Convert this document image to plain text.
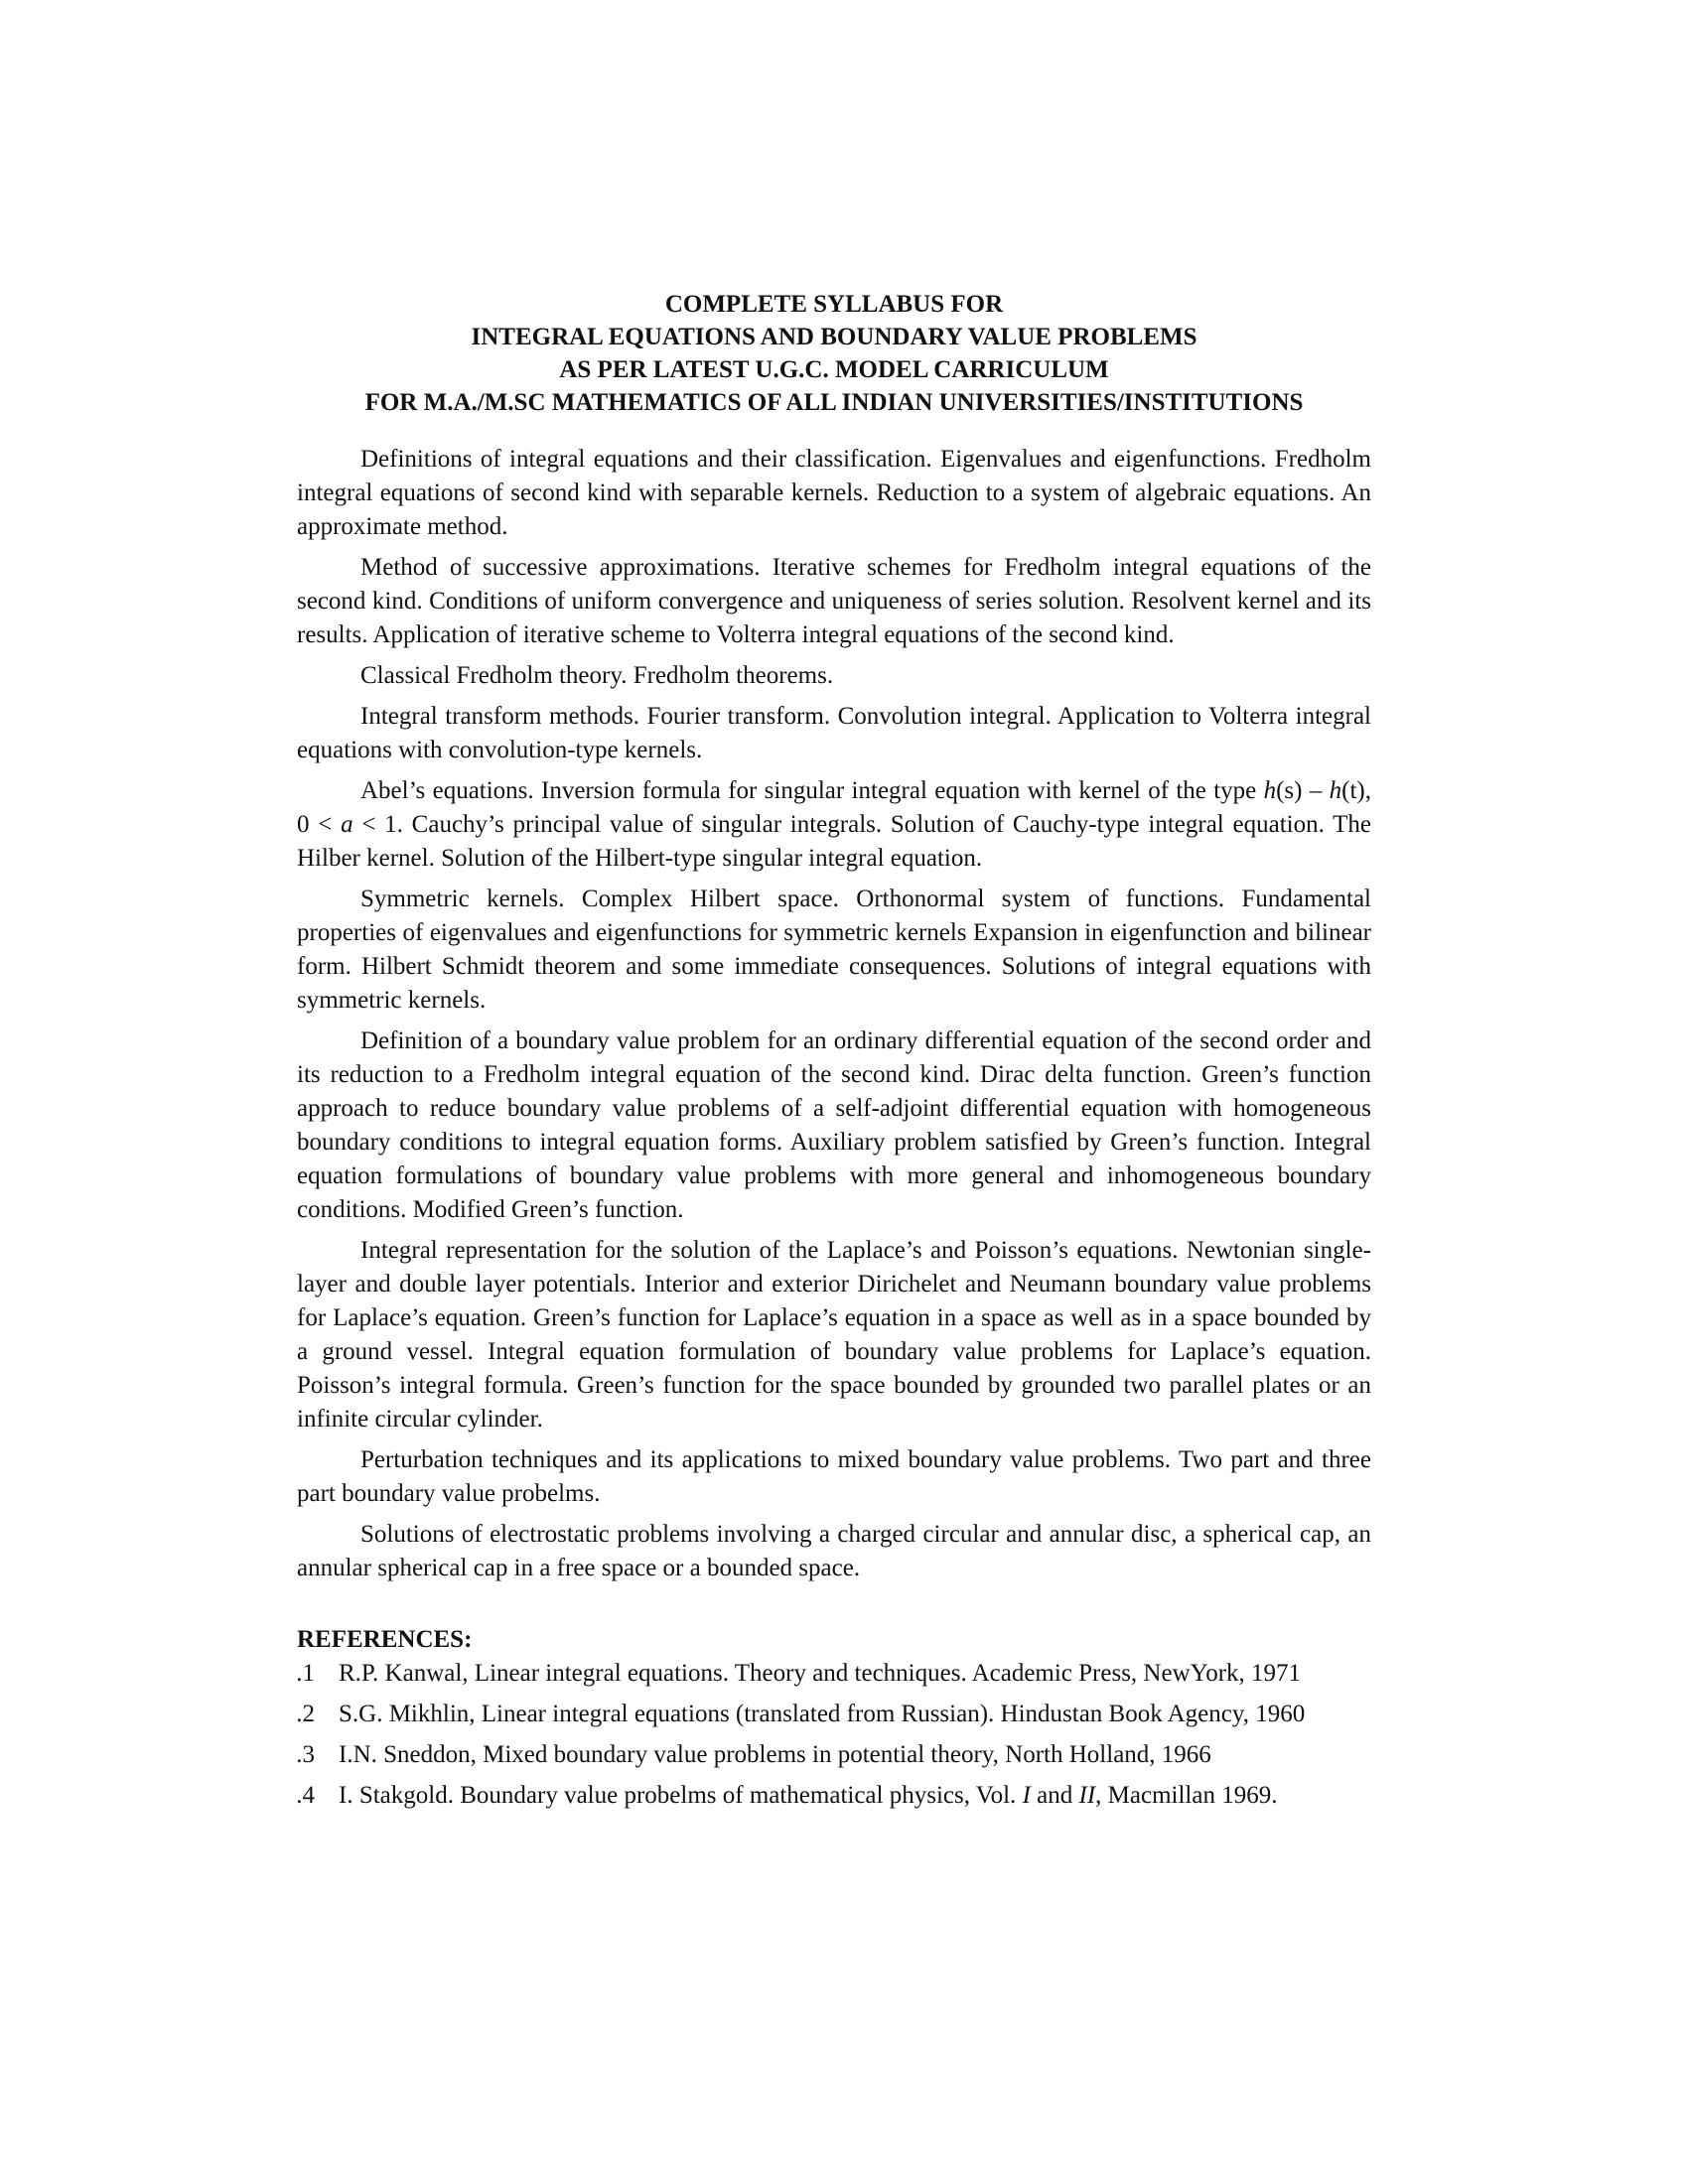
COMPLETE SYLLABUS FOR
INTEGRAL EQUATIONS AND BOUNDARY VALUE PROBLEMS
AS PER LATEST U.G.C. MODEL CARRICULUM
FOR M.A./M.SC MATHEMATICS OF ALL INDIAN UNIVERSITIES/INSTITUTIONS

Definitions of integral equations and their classification. Eigenvalues and eigenfunctions. Fredholm integral equations of second kind with separable kernels. Reduction to a system of algebraic equations. An approximate method.

Method of successive approximations. Iterative schemes for Fredholm integral equations of the second kind. Conditions of uniform convergence and uniqueness of series solution. Resolvent kernel and its results. Application of iterative scheme to Volterra integral equations of the second kind.

Classical Fredholm theory. Fredholm theorems.

Integral transform methods. Fourier transform. Convolution integral. Application to Volterra integral equations with convolution-type kernels.

Abel’s equations. Inversion formula for singular integral equation with kernel of the type h(s) – h(t), 0 < a < 1. Cauchy’s principal value of singular integrals. Solution of Cauchy-type integral equation. The Hilber kernel. Solution of the Hilbert-type singular integral equation.

Symmetric kernels. Complex Hilbert space. Orthonormal system of functions. Fundamental properties of eigenvalues and eigenfunctions for symmetric kernels Expansion in eigenfunction and bilinear form. Hilbert Schmidt theorem and some immediate consequences. Solutions of integral equations with symmetric kernels.

Definition of a boundary value problem for an ordinary differential equation of the second order and its reduction to a Fredholm integral equation of the second kind. Dirac delta function. Green’s function approach to reduce boundary value problems of a self-adjoint differential equation with homogeneous boundary conditions to integral equation forms. Auxiliary problem satisfied by Green’s function. Integral equation formulations of boundary value problems with more general and inhomogeneous boundary conditions. Modified Green’s function.

Integral representation for the solution of the Laplace’s and Poisson’s equations. Newtonian single-layer and double layer potentials. Interior and exterior Dirichelet and Neumann boundary value problems for Laplace’s equation. Green’s function for Laplace’s equation in a space as well as in a space bounded by a ground vessel. Integral equation formulation of boundary value problems for Laplace’s equation. Poisson’s integral formula. Green’s function for the space bounded by grounded two parallel plates or an infinite circular cylinder.

Perturbation techniques and its applications to mixed boundary value problems. Two part and three part boundary value probelms.

Solutions of electrostatic problems involving a charged circular and annular disc, a spherical cap, an annular spherical cap in a free space or a bounded space.

REFERENCES:
1. R.P. Kanwal, Linear integral equations. Theory and techniques. Academic Press, NewYork, 1971
2. S.G. Mikhlin, Linear integral equations (translated from Russian). Hindustan Book Agency, 1960
3. I.N. Sneddon, Mixed boundary value problems in potential theory, North Holland, 1966
4. I. Stakgold. Boundary value probelms of mathematical physics, Vol. I and II, Macmillan 1969.
